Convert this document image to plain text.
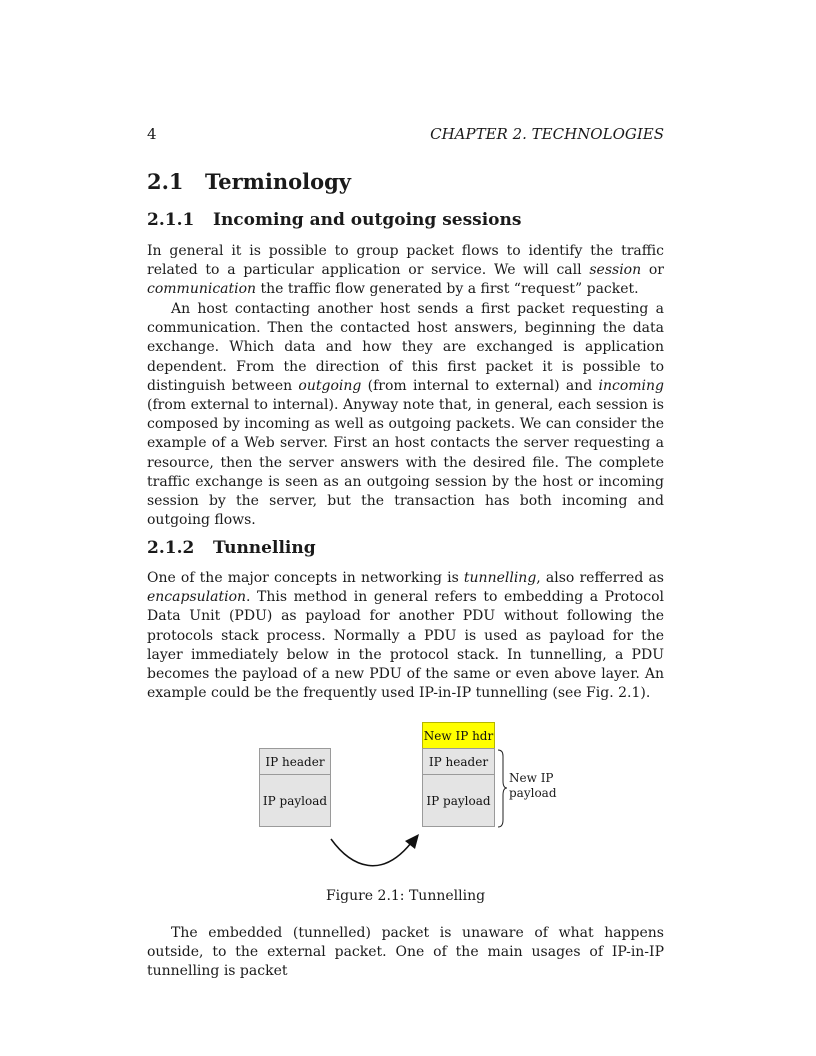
4	CHAPTER 2. TECHNOLOGIES
2.1 Terminology
2.1.1 Incoming and outgoing sessions

In general it is possible to group packet flows to identify the traffic related to a particular application or service. We will call session or communication the traffic flow generated by a first “request” packet.

An host contacting another host sends a first packet requesting a communication. Then the contacted host answers, beginning the data exchange. Which data and how they are exchanged is application dependent. From the direction of this first packet it is possible to distinguish between outgoing (from internal to external) and incoming (from external to internal). Anyway note that, in general, each session is composed by incoming as well as outgoing packets. We can consider the example of a Web server. First an host contacts the server requesting a resource, then the server answers with the desired file. The complete traffic exchange is seen as an outgoing session by the host or incoming session by the server, but the transaction has both incoming and outgoing flows.

2.1.2 Tunnelling

One of the major concepts in networking is tunnelling, also refferred as encapsulation. This method in general refers to embedding a Protocol Data Unit (PDU) as payload for another PDU without following the protocols stack process. Normally a PDU is used as payload for the layer immediately below in the protocol stack. In tunnelling, a PDU becomes the payload of a new PDU of the same or even above layer. An example could be the frequently used IP-in-IP tunnelling (see Fig. 2.1).

IP header
IP payload
New IP hdr
IP header
IP payload
New IP
payload
Figure 2.1: Tunnelling

The embedded (tunnelled) packet is unaware of what happens outside, to the external packet. One of the main usages of IP-in-IP tunnelling is packet
